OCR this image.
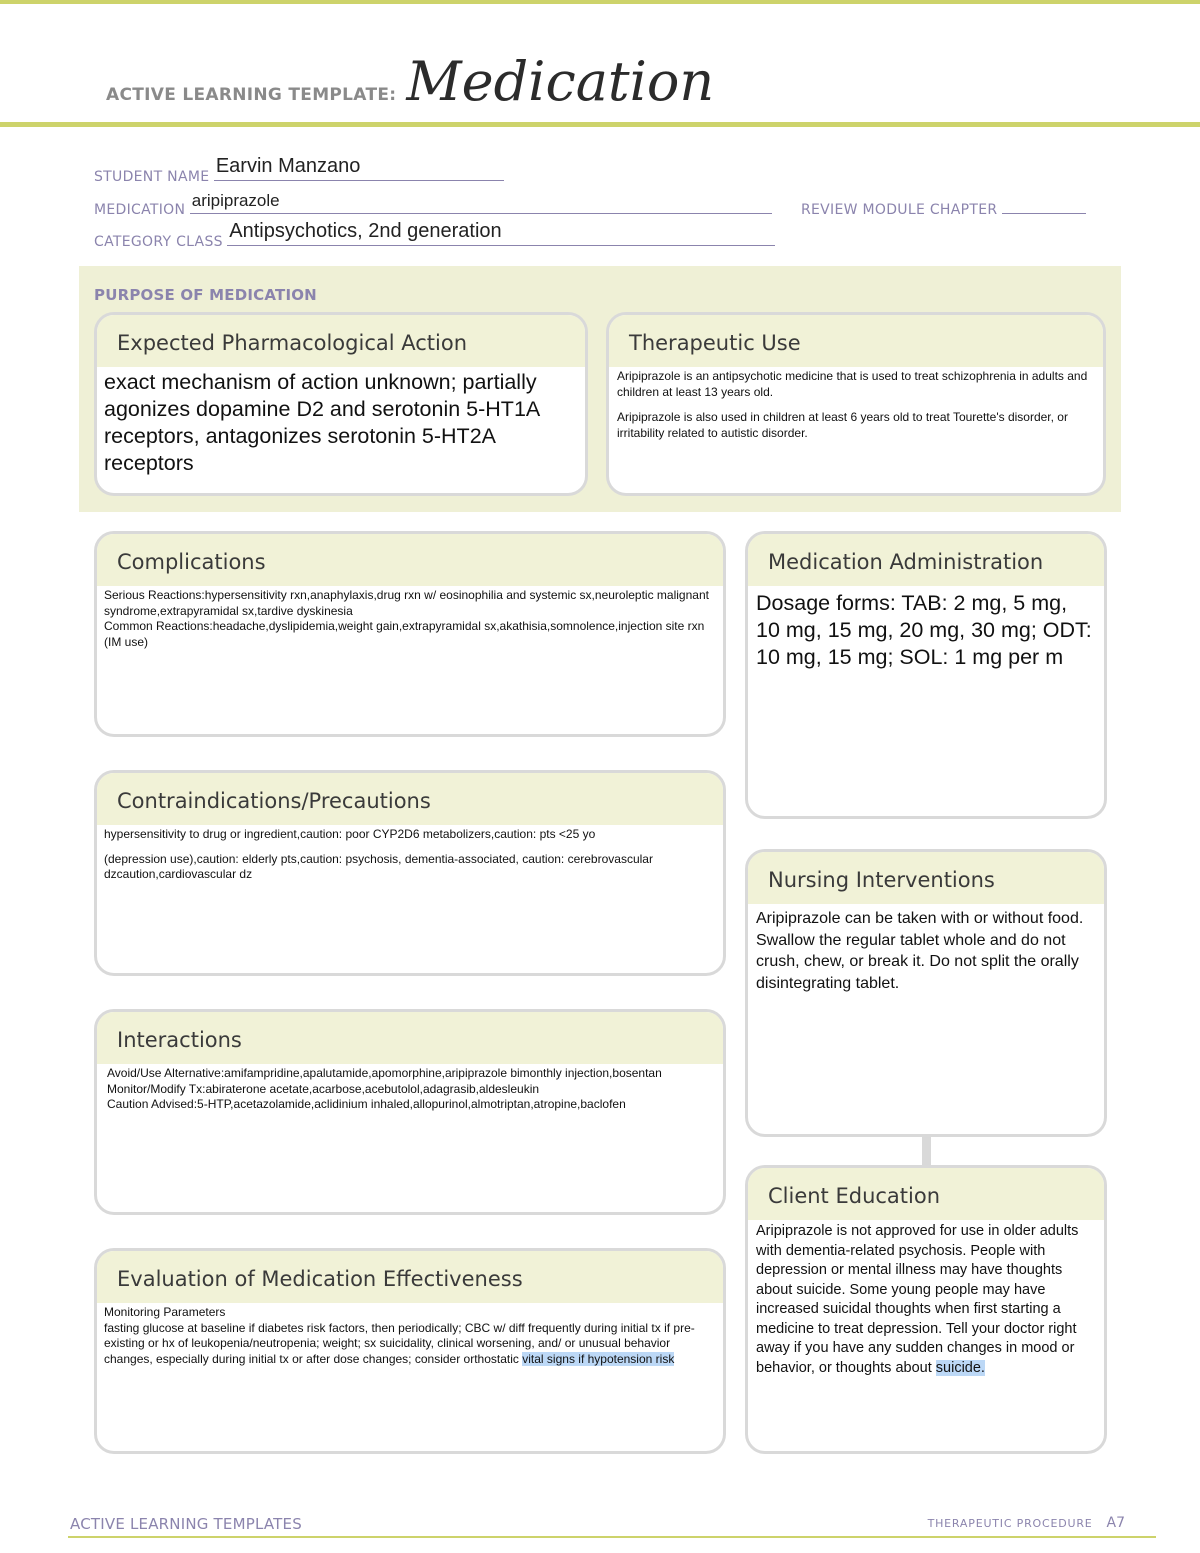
ACTIVE LEARNING TEMPLATE: Medication
STUDENT NAME Earvin Manzano
MEDICATION aripiprazole	REVIEW MODULE CHAPTER
CATEGORY CLASS Antipsychotics, 2nd generation
PURPOSE OF MEDICATION
Expected Pharmacological Action
exact mechanism of action unknown; partially agonizes dopamine D2 and serotonin 5-HT1A receptors, antagonizes serotonin 5-HT2A receptors
Therapeutic Use

Aripiprazole is an antipsychotic medicine that is used to treat schizophrenia in adults and children at least 13 years old.

Aripiprazole is also used in children at least 6 years old to treat Tourette's disorder, or irritability related to autistic disorder.

Complications

Serious Reactions:hypersensitivity rxn,anaphylaxis,drug rxn w/ eosinophilia and systemic sx,neuroleptic malignant syndrome,extrapyramidal sx,tardive dyskinesia

Common Reactions:headache,dyslipidemia,weight gain,extrapyramidal sx,akathisia,somnolence,injection site rxn (IM use)

Contraindications/Precautions

hypersensitivity to drug or ingredient,caution: poor CYP2D6 metabolizers,caution: pts <25 yo

(depression use),caution: elderly pts,caution: psychosis, dementia-associated, caution: cerebrovascular dzcaution,cardiovascular dz

Interactions

Avoid/Use Alternative:amifampridine,apalutamide,apomorphine,aripiprazole bimonthly injection,bosentan

Monitor/Modify Tx:abiraterone acetate,acarbose,acebutolol,adagrasib,aldesleukin

Caution Advised:5-HTP,acetazolamide,aclidinium inhaled,allopurinol,almotriptan,atropine,baclofen

Evaluation of Medication Effectiveness

Monitoring Parameters

fasting glucose at baseline if diabetes risk factors, then periodically; CBC w/ diff frequently during initial tx if pre-existing or hx of leukopenia/neutropenia; weight; sx suicidality, clinical worsening, and/ or unusual behavior changes, especially during initial tx or after dose changes; consider orthostatic vital signs if hypotension risk

Medication Administration
Dosage forms: TAB: 2 mg, 5 mg, 10 mg, 15 mg, 20 mg, 30 mg; ODT: 10 mg, 15 mg; SOL: 1 mg per m
Nursing Interventions

Aripiprazole can be taken with or without food.

Swallow the regular tablet whole and do not crush, chew, or break it. Do not split the orally disintegrating tablet.

Client Education
Aripiprazole is not approved for use in older adults with dementia-related psychosis. People with depression or mental illness may have thoughts about suicide. Some young people may have increased suicidal thoughts when first starting a medicine to treat depression. Tell your doctor right away if you have any sudden changes in mood or behavior, or thoughts about suicide.
ACTIVE LEARNING TEMPLATES	THERAPEUTIC PROCEDURE A7
